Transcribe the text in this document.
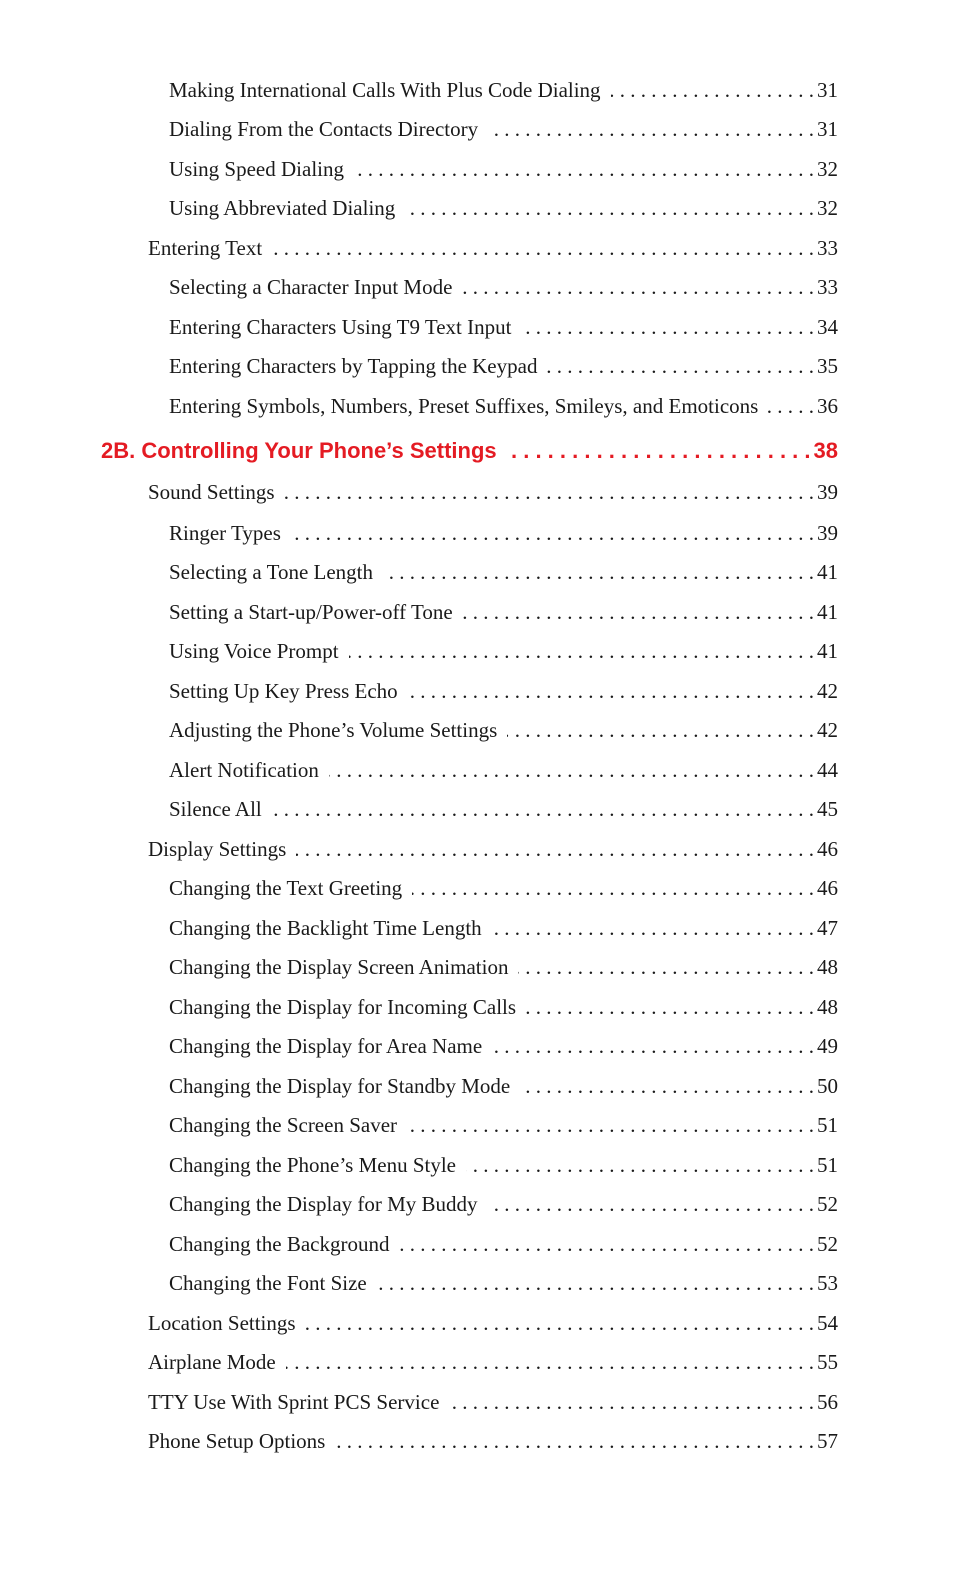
Making International Calls With Plus Code Dialing . . .	31
Dialing From the Contacts Directory . . .	31
Using Speed Dialing . . .	32
Using Abbreviated Dialing . . .	32
Entering Text . . .	33
Selecting a Character Input Mode . . .	33
Entering Characters Using T9 Text Input . . .	34
Entering Characters by Tapping the Keypad . . .	35
Entering Symbols, Numbers, Preset Suffixes, Smileys, and Emoticons . . .	36
2B. Controlling Your Phone’s Settings . . .	38
Sound Settings . . .	39
Ringer Types . . .	39
Selecting a Tone Length . . .	41
Setting a Start-up/Power-off Tone . . .	41
Using Voice Prompt . . .	41
Setting Up Key Press Echo . . .	42
Adjusting the Phone’s Volume Settings . . .	42
Alert Notification . . .	44
Silence All . . .	45
Display Settings . . .	46
Changing the Text Greeting . . .	46
Changing the Backlight Time Length . . .	47
Changing the Display Screen Animation . . .	48
Changing the Display for Incoming Calls . . .	48
Changing the Display for Area Name . . .	49
Changing the Display for Standby Mode . . .	50
Changing the Screen Saver . . .	51
Changing the Phone’s Menu Style . . .	51
Changing the Display for My Buddy . . .	52
Changing the Background . . .	52
Changing the Font Size . . .	53
Location Settings . . .	54
Airplane Mode . . .	55
TTY Use With Sprint PCS Service . . .	56
Phone Setup Options . . .	57
